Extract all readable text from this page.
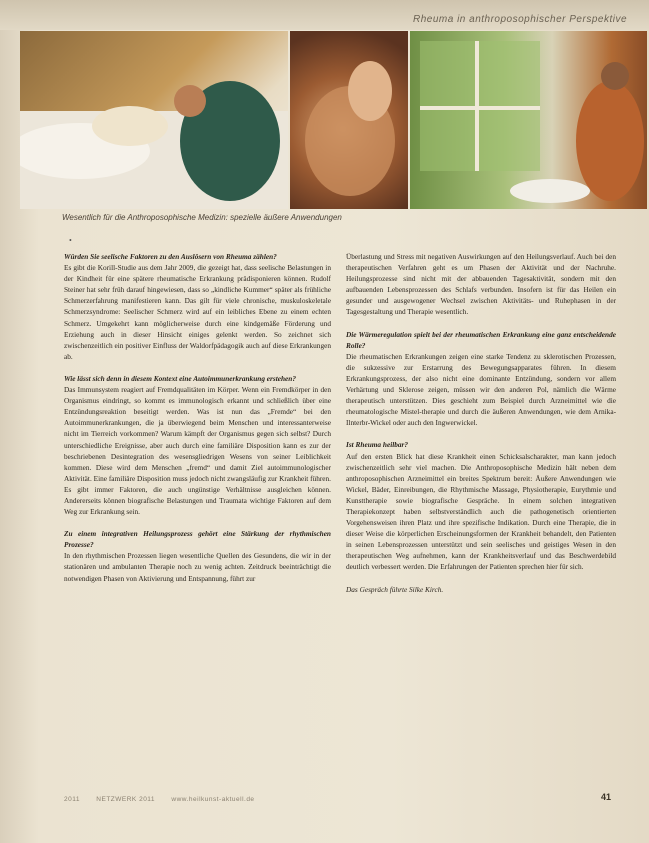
Rheuma in anthroposophischer Perspektive
Wesentlich für die Anthroposophische Medizin: spezielle äußere Anwendungen
•

Würden Sie seelische Faktoren zu den Auslösern von Rheuma zählen?

Es gibt die Korill-Studie aus dem Jahr 2009, die gezeigt hat, dass seelische Belastungen in der Kindheit für eine spätere rheumatische Erkrankung prädisponieren können. Rudolf Steiner hat sehr früh darauf hingewiesen, dass so „kindliche Kummer“ später als frühliche Schmerzerfahrung manifestieren kann. Das gilt für viele chronische, muskuloskeletale Schmerzsyndrome: Seelischer Schmerz wird auf ein leibliches Ebene zu einem echten Schmerz. Umgekehrt kann möglicherweise durch eine kindgemäße Förderung und Erziehung auch in dieser Hinsicht einiges gelenkt werden. So zeichnet sich zwischenzeitlich ein positiver Einfluss der Waldorfpädagogik auch auf diese Erkrankungen ab.

Wie lässt sich denn in diesem Kontext eine Autoimmunerkrankung erstehen?

Das Immunsystem reagiert auf Fremdqualitäten im Körper. Wenn ein Fremdkörper in den Organismus eindringt, so kommt es immunologisch erkannt und schließlich über eine Entzündungsreaktion beseitigt werden. Was ist nun das „Fremde“ bei den Autoimmunerkrankungen, die ja überwiegend beim Menschen und interessanterweise nicht im Tierreich vorkommen? Warum kämpft der Organismus gegen sich selbst? Durch unterschiedliche Ereignisse, aber auch durch eine familiäre Disposition kann es zur der beschriebenen Desintegration des wesensgliedrigen Wesens von seiner Leiblichkeit kommen. Diese wird dem Menschen „fremd“ und damit Ziel autoimmunologischer Aktivität. Eine familiäre Disposition muss jedoch nicht zwangsläufig zur Krankheit führen. Es gibt immer Faktoren, die auch ungünstige Verhältnisse ausgleichen können. Andererseits können biografische Belastungen und Traumata wichtige Faktoren auf dem Weg zur Erkrankung sein.

Zu einem integrativen Heilungsprozess gehört eine Stärkung der rhythmischen Prozesse?

In den rhythmischen Prozessen liegen wesentliche Quellen des Gesundens, die wir in der stationären und ambulanten Therapie noch zu wenig achten. Zeitdruck beeinträchtigt die notwendigen Phasen von Aktivierung und Entspannung, führt zur

Überlastung und Stress mit negativen Auswirkungen auf den Heilungsverlauf. Auch bei den therapeutischen Verfahren geht es um Phasen der Aktivität und der Nachruhe. Heilungsprozesse sind nicht mit der abbauenden Tagesaktivität, sondern mit den aufbauenden Lebensprozessen des Schlafs verbunden. Insofern ist für das Heilen ein gesunder und ausgewogener Wechsel zwischen Aktivitäts- und Ruhephasen in der Tagesgestaltung und Therapie wesentlich.

Die Wärmeregulation spielt bei der rheumatischen Erkrankung eine ganz entscheidende Rolle?

Die rheumatischen Erkrankungen zeigen eine starke Tendenz zu sklerotischen Prozessen, die sukzessive zur Erstarrung des Bewegungsapparates führen. In diesem Erkrankungsprozess, der also nicht eine dominante Entzündung, sondern vor allem Verhärtung und Sklerose zeigen, müssen wir den anderen Pol, nämlich die Wärme therapeutisch unterstützen. Dies geschieht zum Beispiel durch Arzneimittel wie die rheumatologische Mistel-therapie und durch die äußeren Anwendungen, wie dem Arnika-Ilnterbr-Wickel oder auch den Ingwerwickel.

Ist Rheuma heilbar?

Auf den ersten Blick hat diese Krankheit einen Schicksalscharakter, man kann jedoch zwischenzeitlich sehr viel machen. Die Anthroposophische Medizin hält neben dem anthroposophischen Arzneimittel ein breites Spektrum bereit: Äußere Anwendungen wie Wickel, Bäder, Einreibungen, die Rhythmische Massage, Physiotherapie, Eurythmie und Kunsttherapie sowie biografische Gespräche. In einem solchen integrativen Therapiekonzept haben selbstverständlich auch die pathogenetisch orientierten Vorgehensweisen ihren Platz und ihre spezifische Indikation. Durch eine Therapie, die in dieser Weise die körperlichen Erscheinungsformen der Krankheit behandelt, den Patienten in seinen Lebensprozessen unterstützt und sein seelisches und geistiges Wesen in den therapeutischen Weg aufnehmen, kann der Krankheitsverlauf und das Beschwerdebild deutlich verbessert werden. Die Erfahrungen der Patienten sprechen hier für sich.

Das Gespräch führte Silke Kirch.

2011	NETZWERK 2011	www.heilkunst-aktuell.de	41
